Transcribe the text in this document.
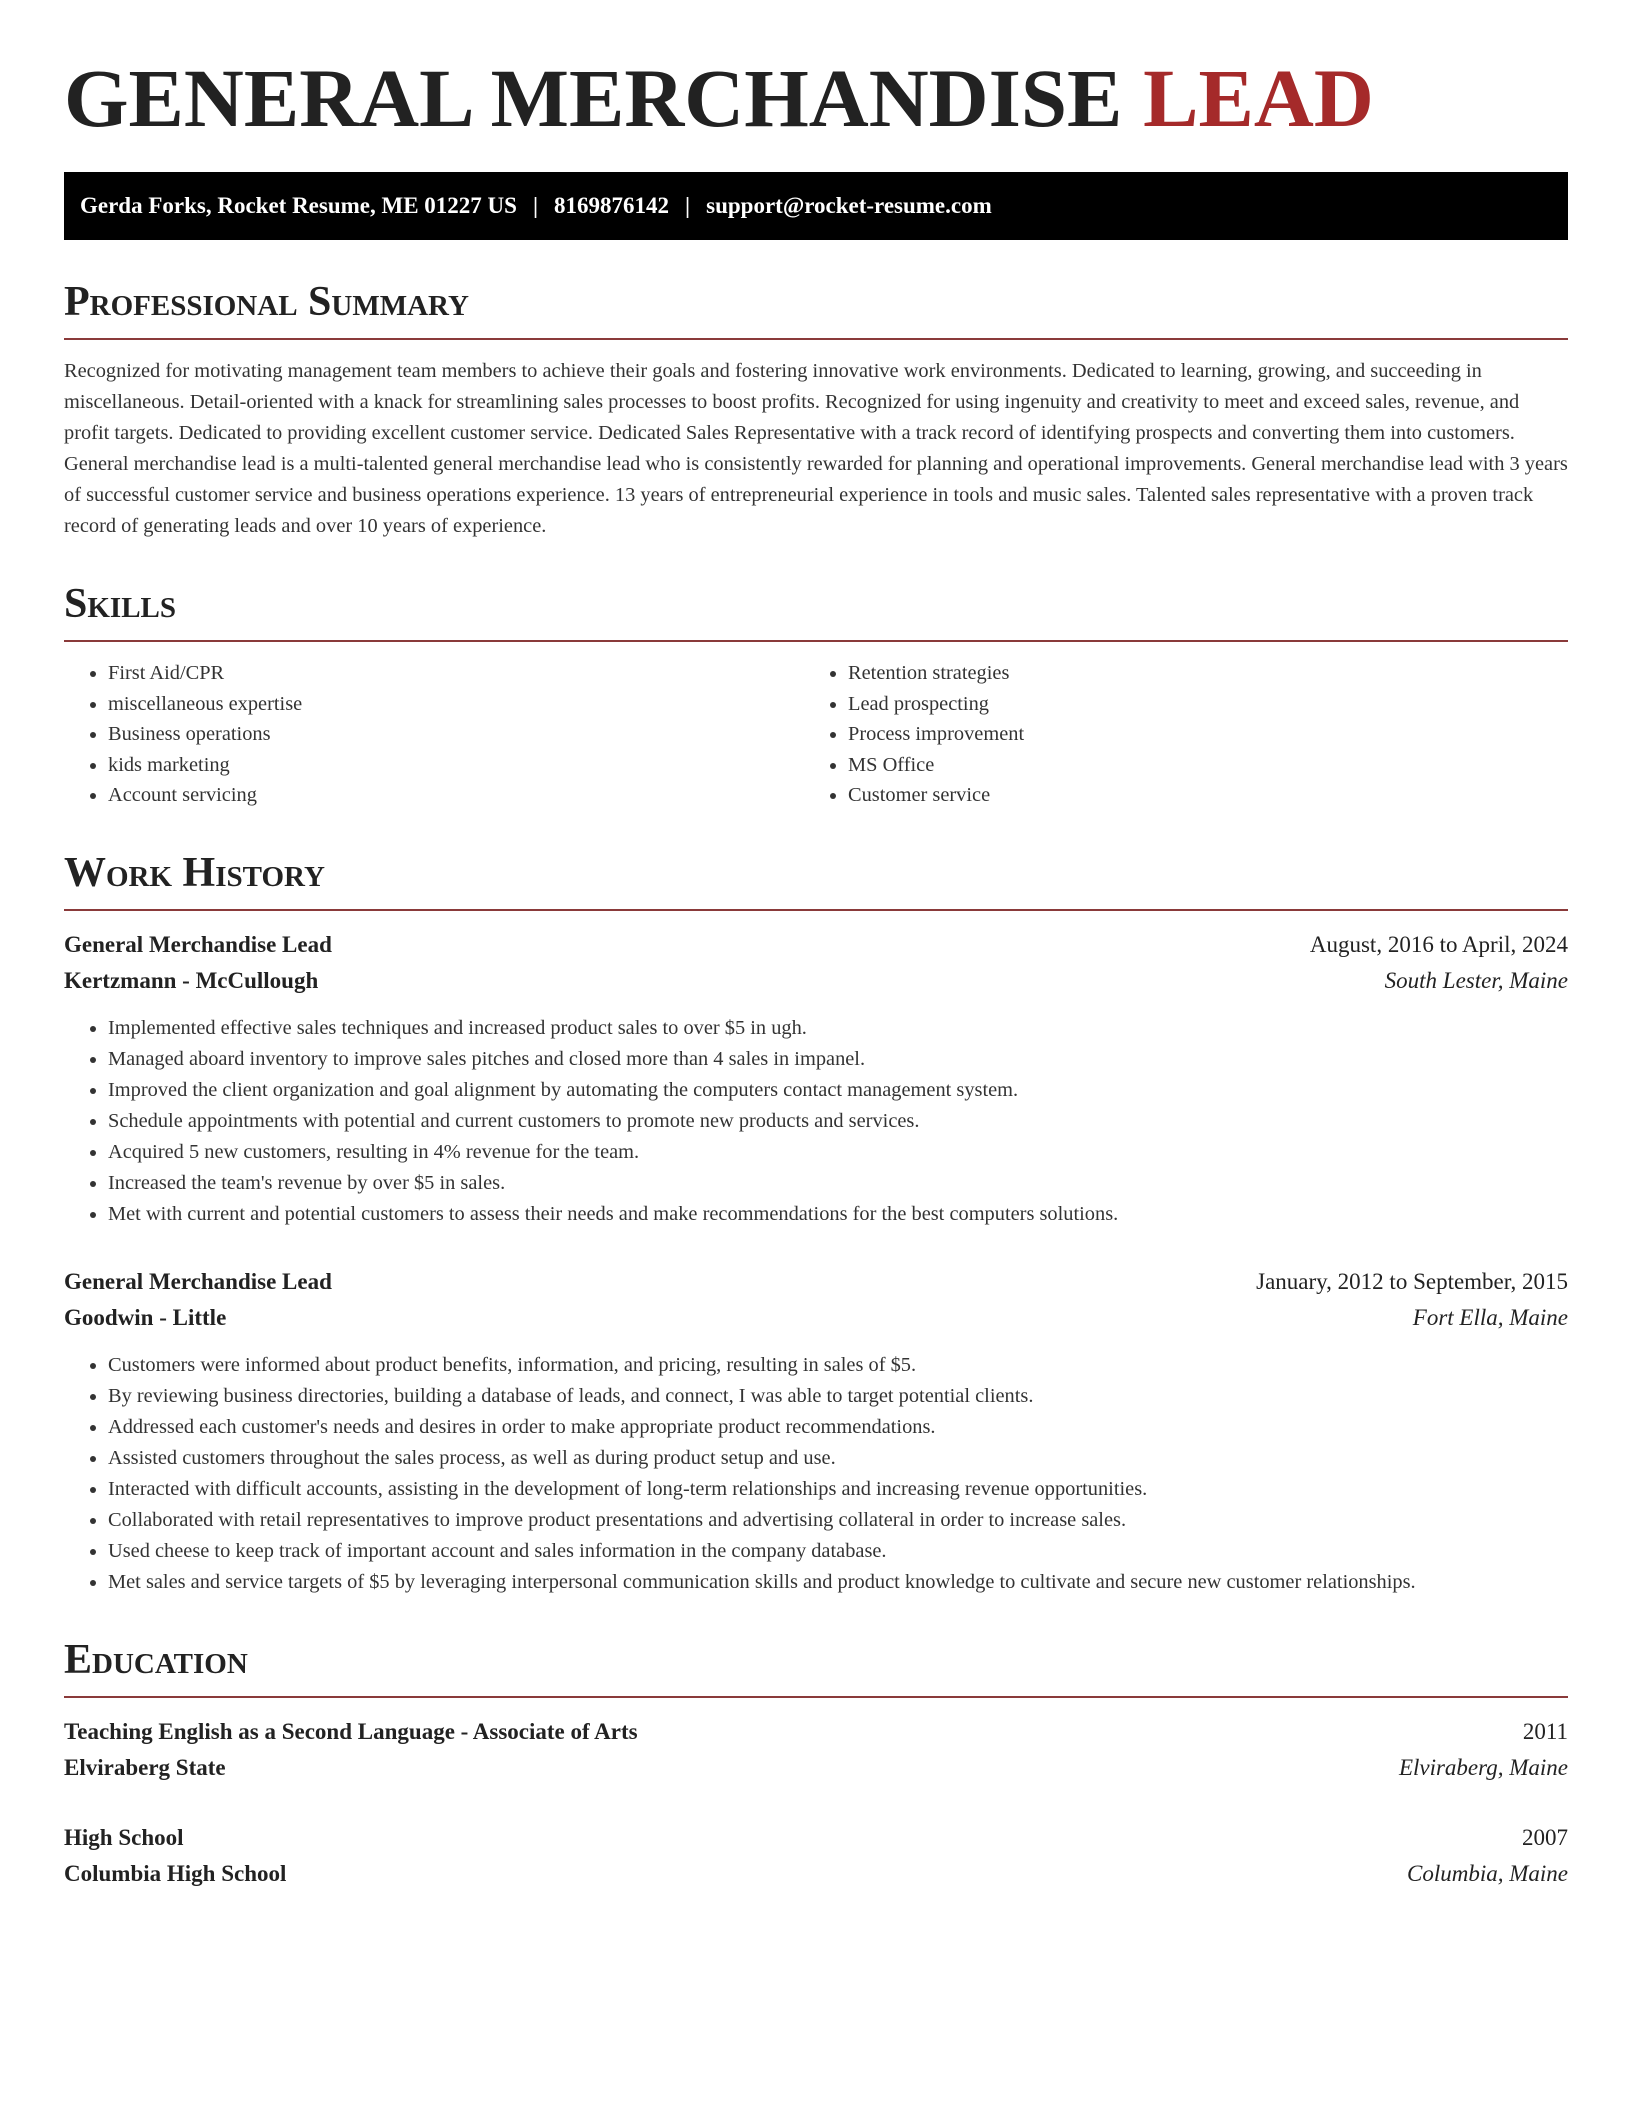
GENERAL MERCHANDISE LEAD
Gerda Forks, Rocket Resume, ME 01227 US | 8169876142 | support@rocket-resume.com
Professional Summary

Recognized for motivating management team members to achieve their goals and fostering innovative work environments. Dedicated to learning, growing, and succeeding in miscellaneous. Detail-oriented with a knack for streamlining sales processes to boost profits. Recognized for using ingenuity and creativity to meet and exceed sales, revenue, and profit targets. Dedicated to providing excellent customer service. Dedicated Sales Representative with a track record of identifying prospects and converting them into customers. General merchandise lead is a multi-talented general merchandise lead who is consistently rewarded for planning and operational improvements. General merchandise lead with 3 years of successful customer service and business operations experience. 13 years of entrepreneurial experience in tools and music sales. Talented sales representative with a proven track record of generating leads and over 10 years of experience.

Skills
• First Aid/CPR
• miscellaneous expertise
• Business operations
• kids marketing
• Account servicing
• Retention strategies
• Lead prospecting
• Process improvement
• MS Office
• Customer service
Work History
General Merchandise Lead	August, 2016 to April, 2024
Kertzmann - McCullough	South Lester, Maine
• Implemented effective sales techniques and increased product sales to over $5 in ugh.
• Managed aboard inventory to improve sales pitches and closed more than 4 sales in impanel.
• Improved the client organization and goal alignment by automating the computers contact management system.
• Schedule appointments with potential and current customers to promote new products and services.
• Acquired 5 new customers, resulting in 4% revenue for the team.
• Increased the team's revenue by over $5 in sales.
• Met with current and potential customers to assess their needs and make recommendations for the best computers solutions.
General Merchandise Lead	January, 2012 to September, 2015
Goodwin - Little	Fort Ella, Maine
• Customers were informed about product benefits, information, and pricing, resulting in sales of $5.
• By reviewing business directories, building a database of leads, and connect, I was able to target potential clients.
• Addressed each customer's needs and desires in order to make appropriate product recommendations.
• Assisted customers throughout the sales process, as well as during product setup and use.
• Interacted with difficult accounts, assisting in the development of long-term relationships and increasing revenue opportunities.
• Collaborated with retail representatives to improve product presentations and advertising collateral in order to increase sales.
• Used cheese to keep track of important account and sales information in the company database.
• Met sales and service targets of $5 by leveraging interpersonal communication skills and product knowledge to cultivate and secure new customer relationships.
Education
Teaching English as a Second Language - Associate of Arts	2011
Elviraberg State	Elviraberg, Maine
High School	2007
Columbia High School	Columbia, Maine
